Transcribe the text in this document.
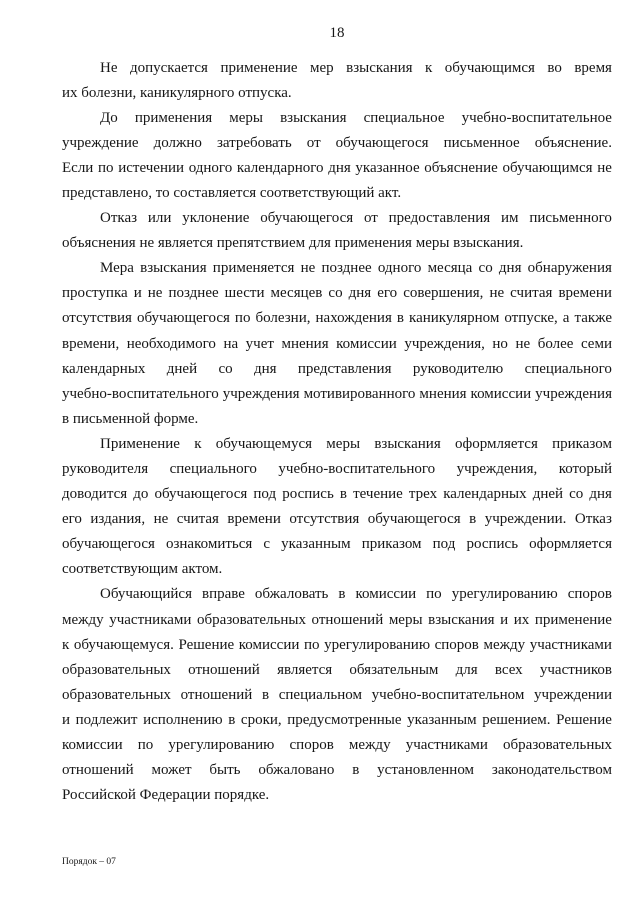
18
Не допускается применение мер взыскания к обучающимся во время
их болезни, каникулярного отпуска.
До применения меры взыскания специальное учебно-воспитательное
учреждение должно затребовать от обучающегося письменное объяснение.
Если по истечении одного календарного дня указанное объяснение обучающимся не
представлено, то составляется соответствующий акт.
Отказ или уклонение обучающегося от предоставления им письменного
объяснения не является препятствием для применения меры взыскания.
Мера взыскания применяется не позднее одного месяца со дня обнаружения
проступка и не позднее шести месяцев со дня его совершения, не считая времени
отсутствия обучающегося по болезни, нахождения в каникулярном отпуске, а также
времени, необходимого на учет мнения комиссии учреждения, но не более семи
календарных дней со дня представления руководителю специального
учебно-воспитательного учреждения мотивированного мнения комиссии учреждения
в письменной форме.
Применение к обучающемуся меры взыскания оформляется приказом
руководителя специального учебно-воспитательного учреждения, который
доводится до обучающегося под роспись в течение трех календарных дней со дня
его издания, не считая времени отсутствия обучающегося в учреждении. Отказ
обучающегося ознакомиться с указанным приказом под роспись оформляется
соответствующим актом.
Обучающийся вправе обжаловать в комиссии по урегулированию споров
между участниками образовательных отношений меры взыскания и их применение
к обучающемуся. Решение комиссии по урегулированию споров между участниками
образовательных отношений является обязательным для всех участников
образовательных отношений в специальном учебно-воспитательном учреждении
и подлежит исполнению в сроки, предусмотренные указанным решением. Решение
комиссии по урегулированию споров между участниками образовательных
отношений может быть обжаловано в установленном законодательством
Российской Федерации порядке.
Порядок – 07
